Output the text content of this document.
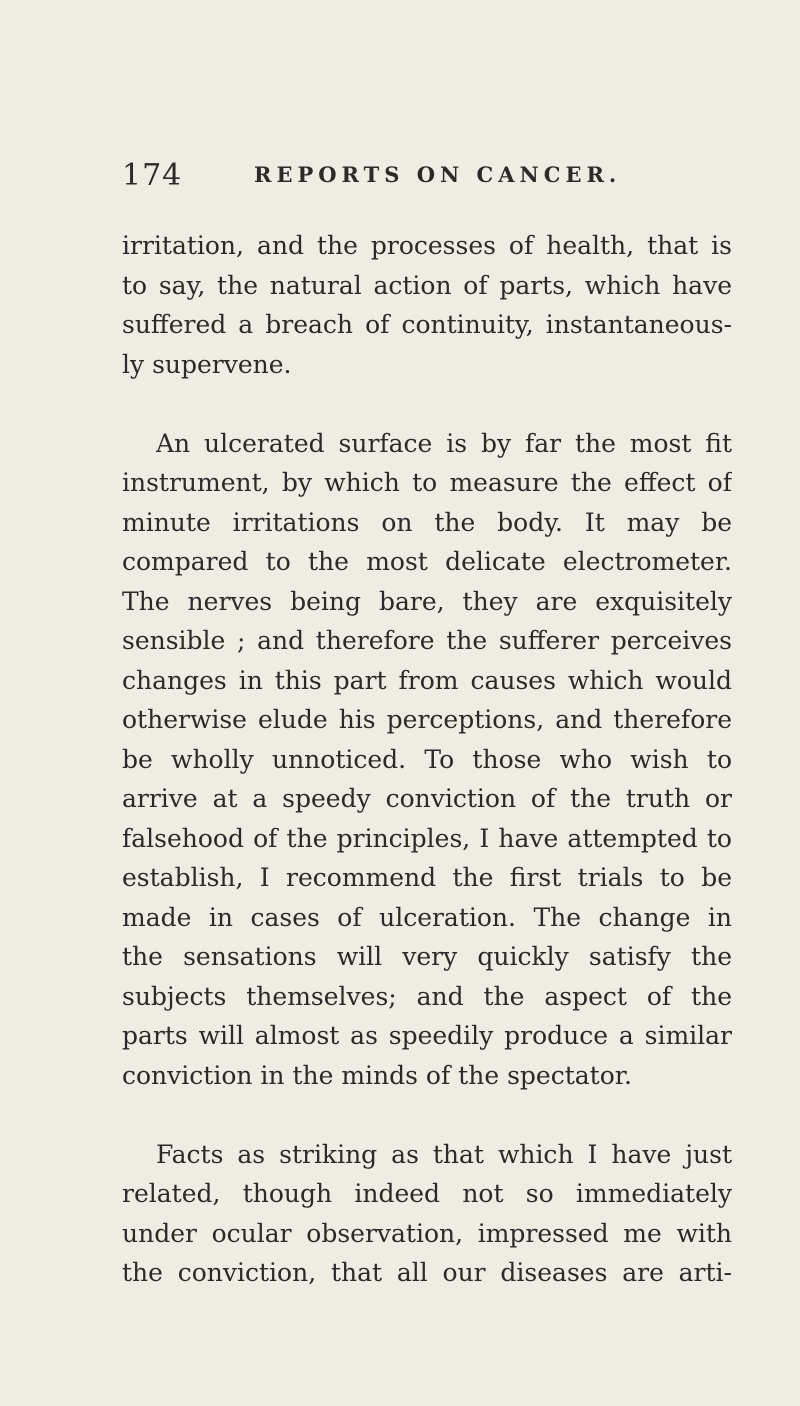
174	REPORTS ON CANCER.
irritation, and the processes of health, that is
to say, the natural action of parts, which have
suffered a breach of continuity, instantaneous-
ly supervene.
An ulcerated surface is by far the most fit
instrument, by which to measure the effect of
minute irritations on the body. It may be
compared to the most delicate electrometer.
The nerves being bare, they are exquisitely
sensible ; and therefore the sufferer perceives
changes in this part from causes which would
otherwise elude his perceptions, and therefore
be wholly unnoticed. To those who wish to
arrive at a speedy conviction of the truth or
falsehood of the principles, I have attempted to
establish, I recommend the first trials to be
made in cases of ulceration. The change in
the sensations will very quickly satisfy the
subjects themselves; and the aspect of the
parts will almost as speedily produce a similar
conviction in the minds of the spectator.
Facts as striking as that which I have just
related, though indeed not so immediately
under ocular observation, impressed me with
the conviction, that all our diseases are arti-
